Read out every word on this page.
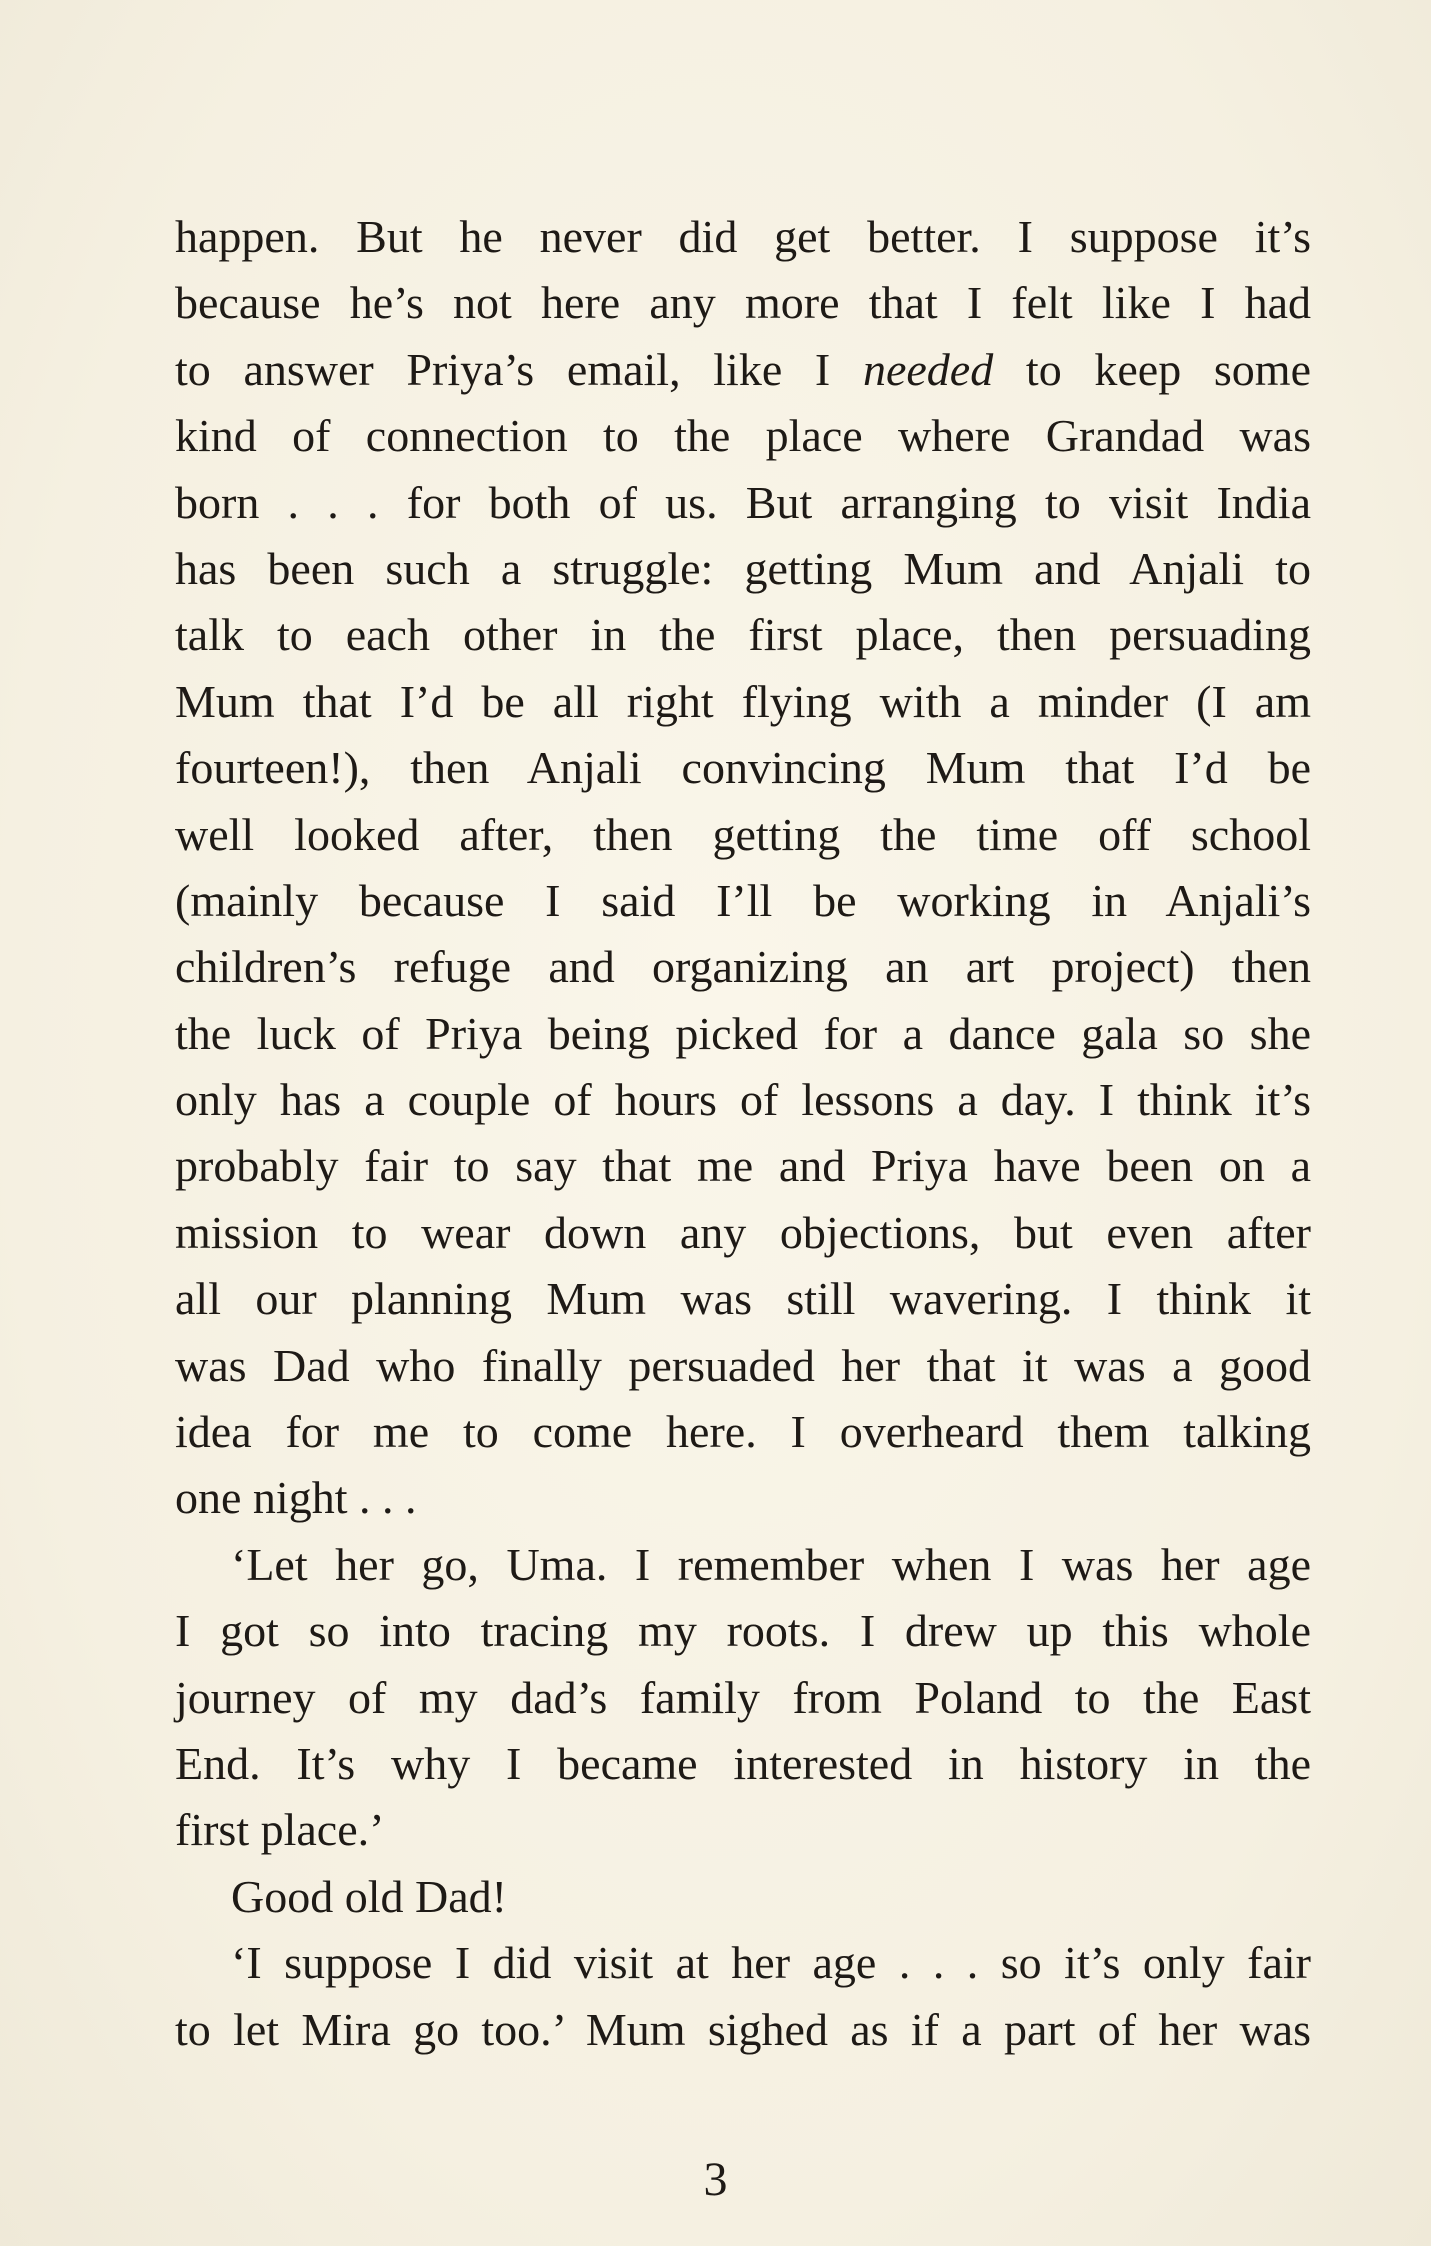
happen. But he never did get better. I suppose it’s
because he’s not here any more that I felt like I had
to answer Priya’s email, like I needed to keep some
kind of connection to the place where Grandad was
born . . . for both of us. But arranging to visit India
has been such a struggle: getting Mum and Anjali to
talk to each other in the first place, then persuading
Mum that I’d be all right flying with a minder (I am
fourteen!), then Anjali convincing Mum that I’d be
well looked after, then getting the time off school
(mainly because I said I’ll be working in Anjali’s
children’s refuge and organizing an art project) then
the luck of Priya being picked for a dance gala so she
only has a couple of hours of lessons a day. I think it’s
probably fair to say that me and Priya have been on a
mission to wear down any objections, but even after
all our planning Mum was still wavering. I think it
was Dad who finally persuaded her that it was a good
idea for me to come here. I overheard them talking
one night . . .
‘Let her go, Uma. I remember when I was her age
I got so into tracing my roots. I drew up this whole
journey of my dad’s family from Poland to the East
End. It’s why I became interested in history in the
first place.’
Good old Dad!
‘I suppose I did visit at her age . . . so it’s only fair
to let Mira go too.’ Mum sighed as if a part of her was
3
